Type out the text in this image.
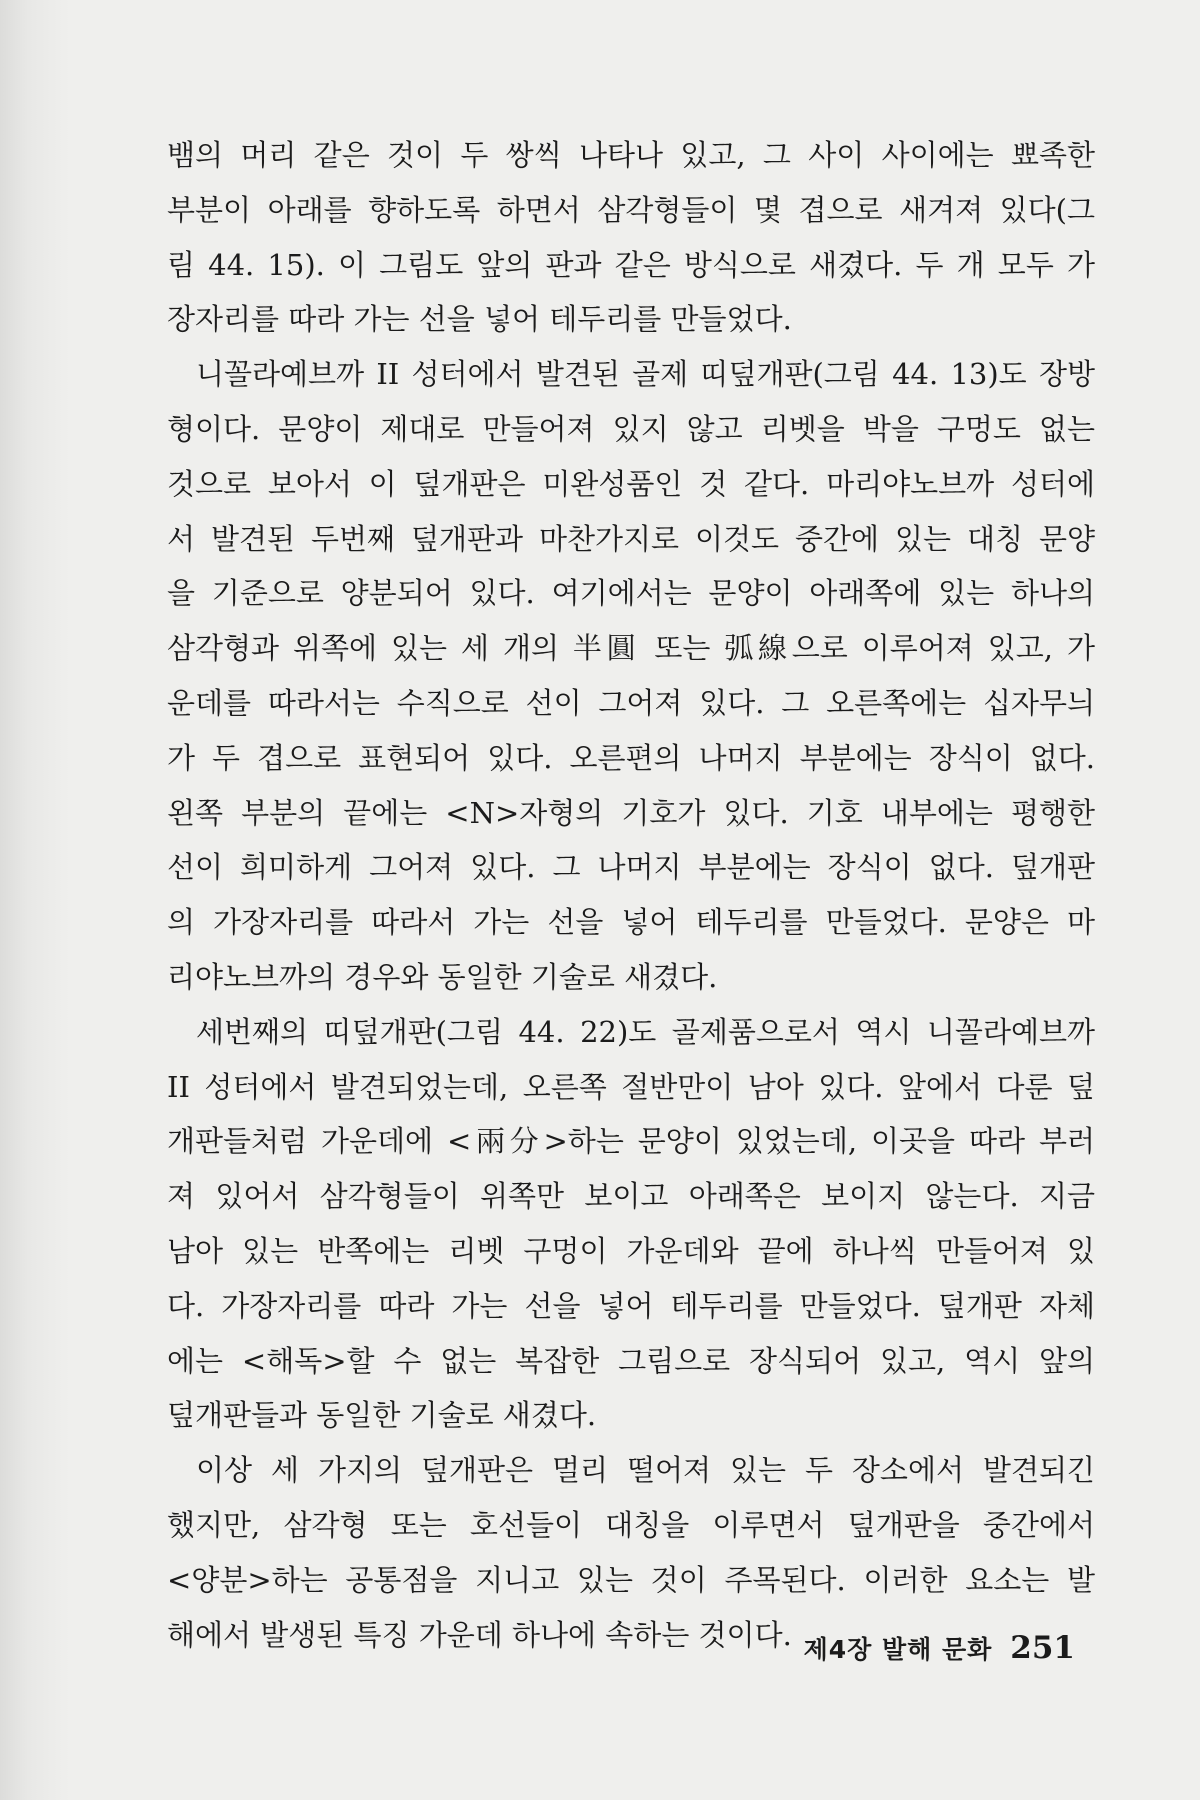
뱀의 머리 같은 것이 두 쌍씩 나타나 있고, 그 사이 사이에는 뾰족한
부분이 아래를 향하도록 하면서 삼각형들이 몇 겹으로 새겨져 있다(그
림 44. 15). 이 그림도 앞의 판과 같은 방식으로 새겼다. 두 개 모두 가
장자리를 따라 가는 선을 넣어 테두리를 만들었다.
니꼴라예브까 II 성터에서 발견된 골제 띠덮개판(그림 44. 13)도 장방
형이다. 문양이 제대로 만들어져 있지 않고 리벳을 박을 구멍도 없는
것으로 보아서 이 덮개판은 미완성품인 것 같다. 마리야노브까 성터에
서 발견된 두번째 덮개판과 마찬가지로 이것도 중간에 있는 대칭 문양
을 기준으로 양분되어 있다. 여기에서는 문양이 아래쪽에 있는 하나의
삼각형과 위쪽에 있는 세 개의 半圓 또는 弧線으로 이루어져 있고, 가
운데를 따라서는 수직으로 선이 그어져 있다. 그 오른쪽에는 십자무늬
가 두 겹으로 표현되어 있다. 오른편의 나머지 부분에는 장식이 없다.
왼쪽 부분의 끝에는 <N>자형의 기호가 있다. 기호 내부에는 평행한
선이 희미하게 그어져 있다. 그 나머지 부분에는 장식이 없다. 덮개판
의 가장자리를 따라서 가는 선을 넣어 테두리를 만들었다. 문양은 마
리야노브까의 경우와 동일한 기술로 새겼다.
세번째의 띠덮개판(그림 44. 22)도 골제품으로서 역시 니꼴라예브까
II 성터에서 발견되었는데, 오른쪽 절반만이 남아 있다. 앞에서 다룬 덮
개판들처럼 가운데에 <兩分>하는 문양이 있었는데, 이곳을 따라 부러
져 있어서 삼각형들이 위쪽만 보이고 아래쪽은 보이지 않는다. 지금
남아 있는 반쪽에는 리벳 구멍이 가운데와 끝에 하나씩 만들어져 있
다. 가장자리를 따라 가는 선을 넣어 테두리를 만들었다. 덮개판 자체
에는 <해독>할 수 없는 복잡한 그림으로 장식되어 있고, 역시 앞의
덮개판들과 동일한 기술로 새겼다.
이상 세 가지의 덮개판은 멀리 떨어져 있는 두 장소에서 발견되긴
했지만, 삼각형 또는 호선들이 대칭을 이루면서 덮개판을 중간에서
<양분>하는 공통점을 지니고 있는 것이 주목된다. 이러한 요소는 발
해에서 발생된 특징 가운데 하나에 속하는 것이다. 제4장 발해 문화 251
